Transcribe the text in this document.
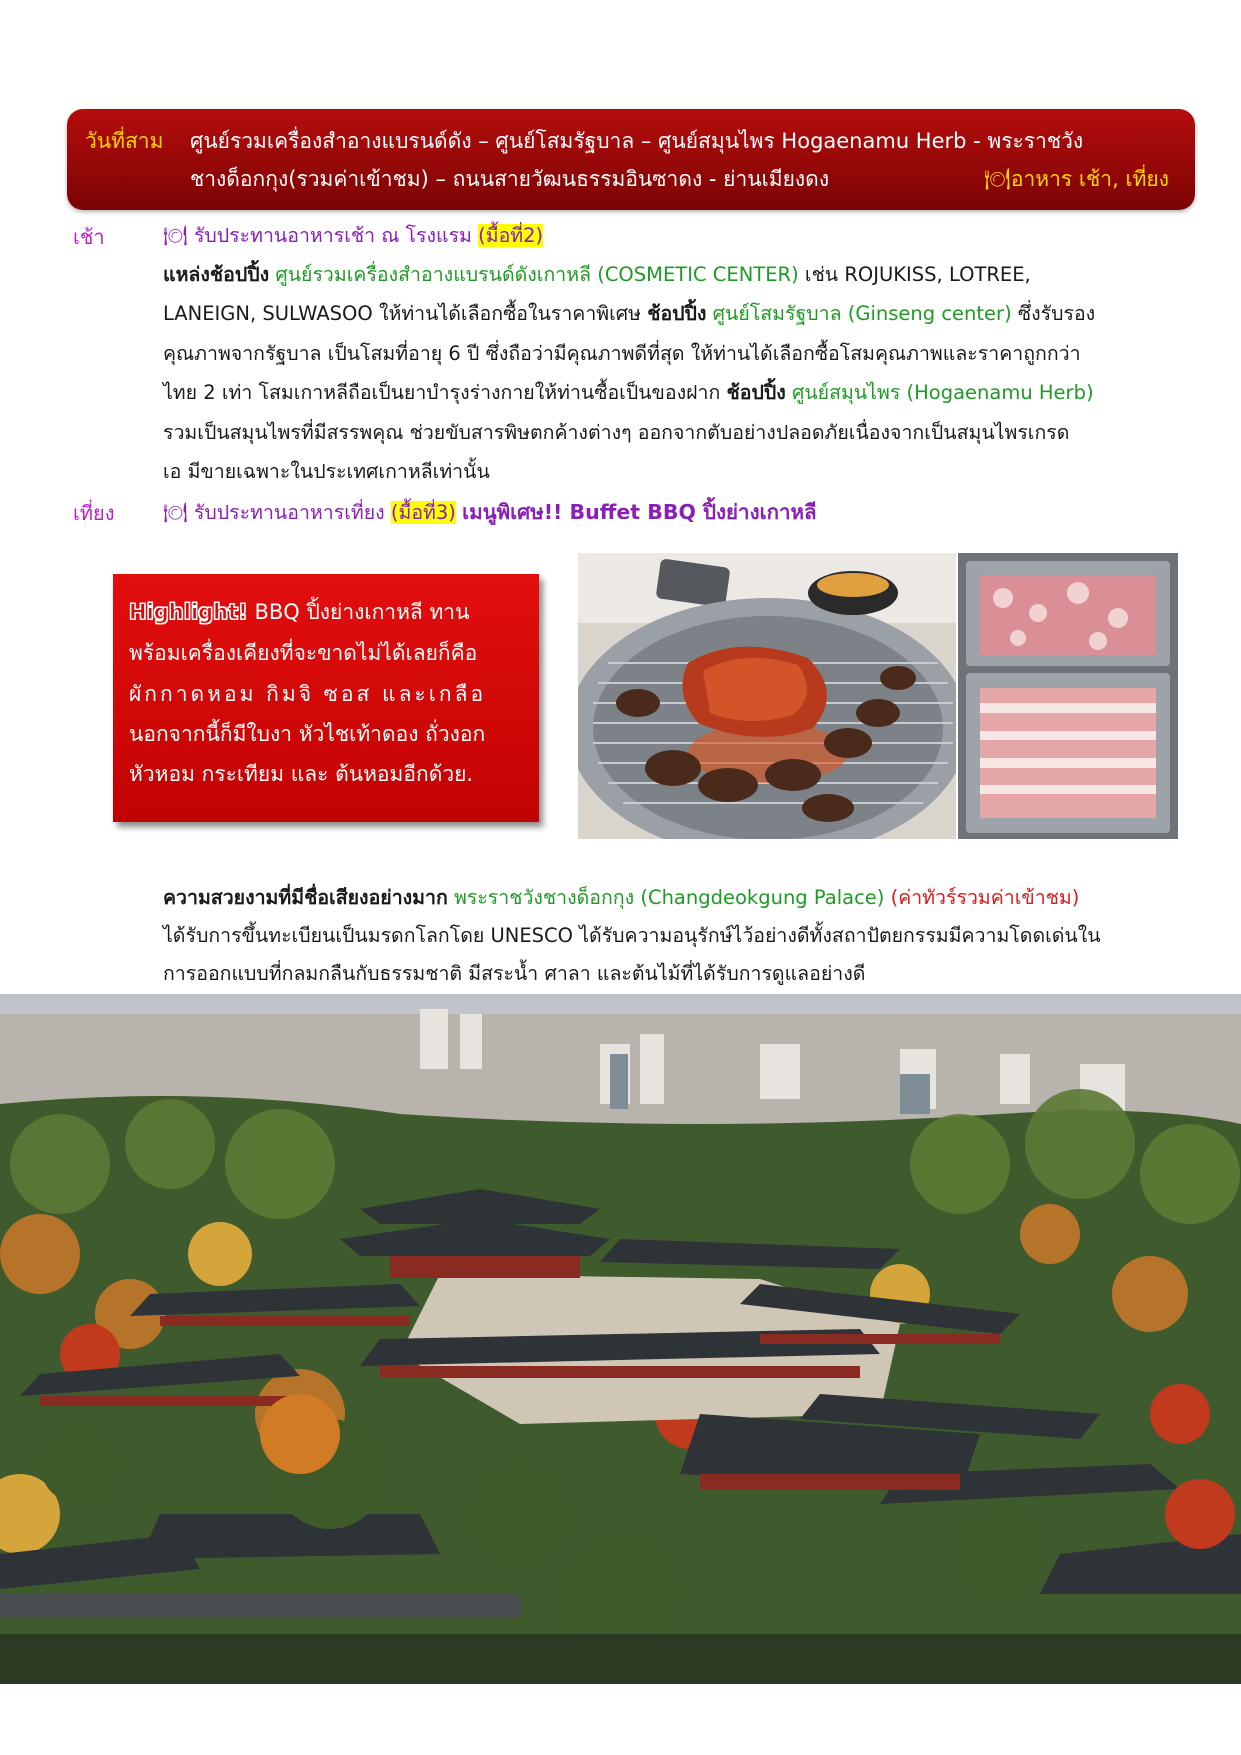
วันที่สาม ศูนย์รวมเครื่องสำอางแบรนด์ดัง – ศูนย์โสมรัฐบาล – ศูนย์สมุนไพร Hogaenamu Herb - พระราชวัง
ชางด็อกกุง(รวมค่าเข้าชม) – ถนนสายวัฒนธรรมอินซาดง - ย่านเมียงดง	🍽อาหาร เช้า, เที่ยง
เช้า	🍽 รับประทานอาหารเช้า ณ โรงแรม (มื้อที่2)
แหล่งช้อปปิ้ง ศูนย์รวมเครื่องสำอางแบรนด์ดังเกาหลี (COSMETIC CENTER) เช่น ROJUKISS, LOTREE,
LANEIGN, SULWASOO ให้ท่านได้เลือกซื้อในราคาพิเศษ ช้อปปิ้ง ศูนย์โสมรัฐบาล (Ginseng center) ซึ่งรับรอง
คุณภาพจากรัฐบาล เป็นโสมที่อายุ 6 ปี ซึ่งถือว่ามีคุณภาพดีที่สุด ให้ท่านได้เลือกซื้อโสมคุณภาพและราคาถูกกว่า
ไทย 2 เท่า โสมเกาหลีถือเป็นยาบำรุงร่างกายให้ท่านซื้อเป็นของฝาก ช้อปปิ้ง ศูนย์สมุนไพร (Hogaenamu Herb)
รวมเป็นสมุนไพรที่มีสรรพคุณ ช่วยขับสารพิษตกค้างต่างๆ ออกจากตับอย่างปลอดภัยเนื่องจากเป็นสมุนไพรเกรด
เอ มีขายเฉพาะในประเทศเกาหลีเท่านั้น
เที่ยง 🍽 รับประทานอาหารเที่ยง (มื้อที่3) เมนูพิเศษ!! Buffet BBQ ปิ้งย่างเกาหลี
Highlight! BBQ ปิ้งย่างเกาหลี ทาน
พร้อมเครื่องเคียงที่จะขาดไม่ได้เลยก็คือ
ผักกาดหอม กิมจิ ซอส และเกลือ
นอกจากนี้ก็มีใบงา หัวไชเท้าดอง ถั่วงอก
หัวหอม กระเทียม และ ต้นหอมอีกด้วย.
ความสวยงามที่มีชื่อเสียงอย่างมาก พระราชวังชางด็อกกุง (Changdeokgung Palace) (ค่าทัวร์รวมค่าเข้าชม)
ได้รับการขึ้นทะเบียนเป็นมรดกโลกโดย UNESCO ได้รับความอนุรักษ์ไว้อย่างดีทั้งสถาปัตยกรรมมีความโดดเด่นใน
การออกแบบที่กลมกลืนกับธรรมชาติ มีสระน้ำ ศาลา และต้นไม้ที่ได้รับการดูแลอย่างดี
